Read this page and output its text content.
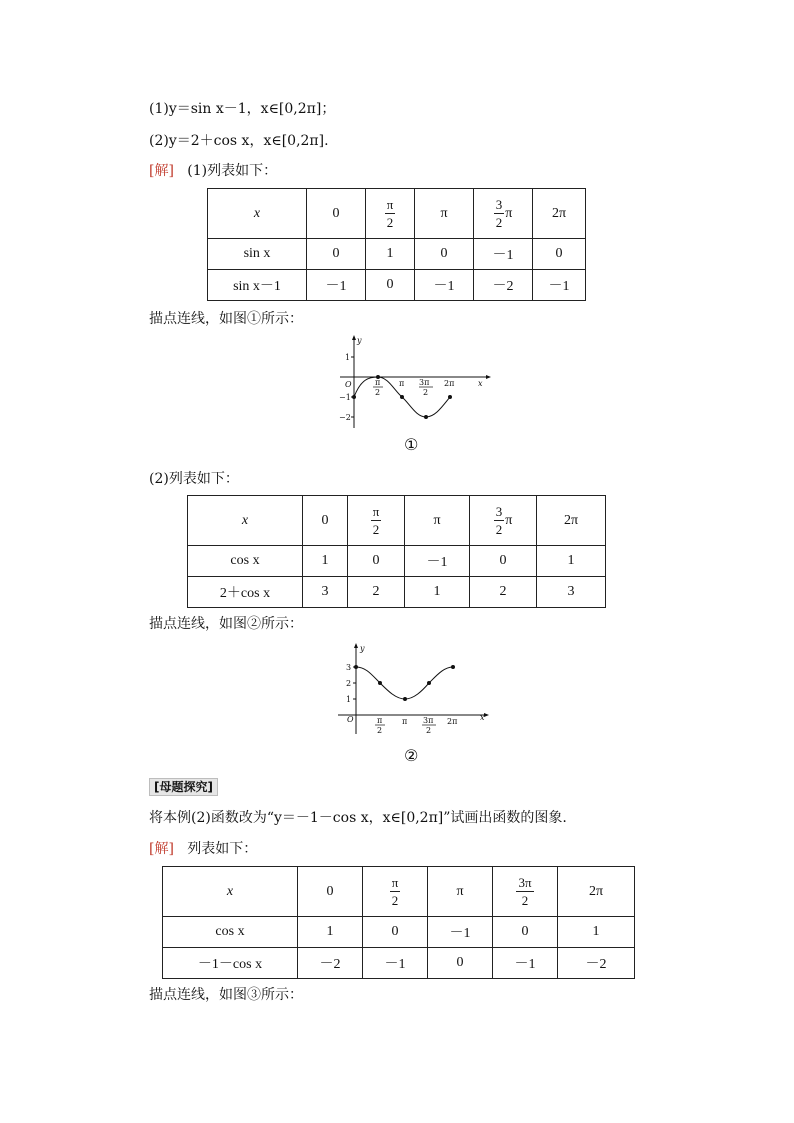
(1)y＝sin x－1，x∈[0,2π]；
(2)y＝2＋cos x，x∈[0,2π].
[解] (1)列表如下：
x	0	$\frac{\pi}{2}$	π	$\frac{3}{2}$ π	2π
sin x	0	1	0	－1	0
sin x－1	－1	0	－1	－2	－1
描点连线，如图①所示：
y
x
O
1
−1
−2
π
2
π 3π
2
2π
①
(2)列表如下：
x	0	$\frac{\pi}{2}$	π	$\frac{3}{2}$ π	2π
cos x	1	0	－1	0	1
2＋cos x	3	2	1	2	3
描点连线，如图②所示：
y
x
O
3
2
1
π
2
π 3π
2
2π
②
[母题探究]
将本例(2)函数改为“y＝－1－cos x，x∈[0,2π]”试画出函数的图象.
[解] 列表如下：
x	0	$\frac{\pi}{2}$	π	$\frac{3\pi}{2}$	2π
cos x	1	0	－1	0	1
－1－cos x	－2	－1	0	－1	－2
描点连线，如图③所示：
